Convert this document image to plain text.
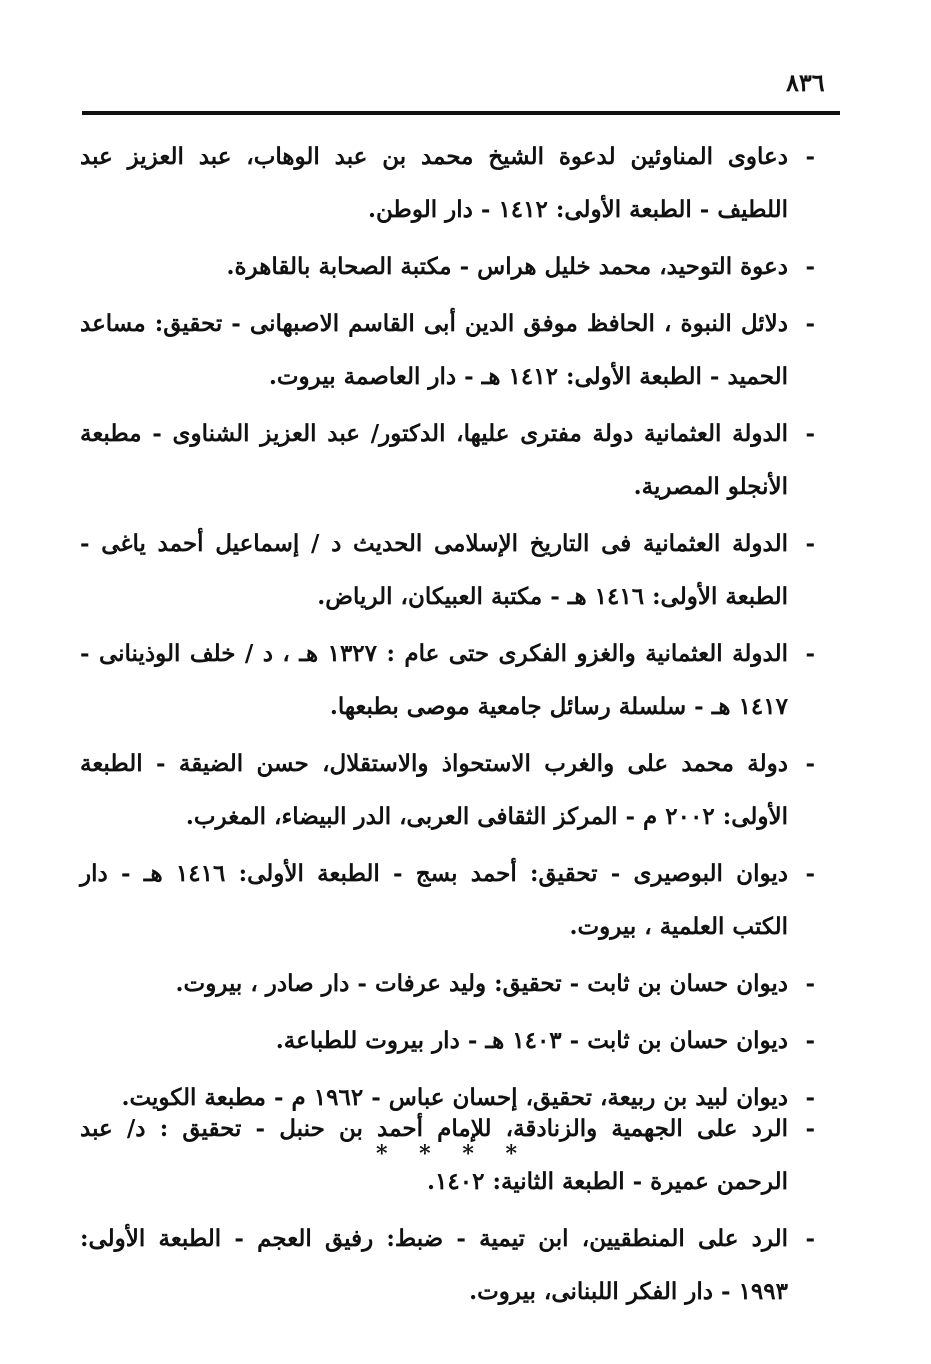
٨٣٦

-
دعاوى المناوئين لدعوة الشيخ محمد بن عبد الوهاب، عبد العزيز عبد اللطيف - الطبعة الأولى: ١٤١٢ - دار الوطن.

-
دعوة التوحيد، محمد خليل هراس - مكتبة الصحابة بالقاهرة.

-
دلائل النبوة ، الحافظ موفق الدين أبى القاسم الاصبهانى - تحقيق: مساعد الحميد - الطبعة الأولى: ١٤١٢ هـ - دار العاصمة بيروت.

-
الدولة العثمانية دولة مفترى عليها، الدكتور/ عبد العزيز الشناوى - مطبعة الأنجلو المصرية.

-
الدولة العثمانية فى التاريخ الإسلامى الحديث د / إسماعيل أحمد ياغى - الطبعة الأولى: ١٤١٦ هـ - مكتبة العبيكان، الرياض.

-
الدولة العثمانية والغزو الفكرى حتى عام : ١٣٢٧ هـ ، د / خلف الوذينانى - ١٤١٧ هـ - سلسلة رسائل جامعية موصى بطبعها.

-
دولة محمد على والغرب الاستحواذ والاستقلال، حسن الضيقة - الطبعة الأولى: ٢٠٠٢ م - المركز الثقافى العربى، الدر البيضاء، المغرب.

-
ديوان البوصيرى - تحقيق: أحمد بسج - الطبعة الأولى: ١٤١٦ هـ - دار الكتب العلمية ، بيروت.

-
ديوان حسان بن ثابت - تحقيق: وليد عرفات - دار صادر ، بيروت.

-
ديوان حسان بن ثابت - ١٤٠٣ هـ - دار بيروت للطباعة.

-
ديوان لبيد بن ربيعة، تحقيق، إحسان عباس - ١٩٦٢ م - مطبعة الكويت.

* * * *

-
الرد على الجهمية والزنادقة، للإمام أحمد بن حنبل - تحقيق : د/ عبد الرحمن عميرة - الطبعة الثانية: ١٤٠٢.

-
الرد على المنطقيين، ابن تيمية - ضبط: رفيق العجم - الطبعة الأولى: ١٩٩٣ - دار الفكر اللبنانى، بيروت.
